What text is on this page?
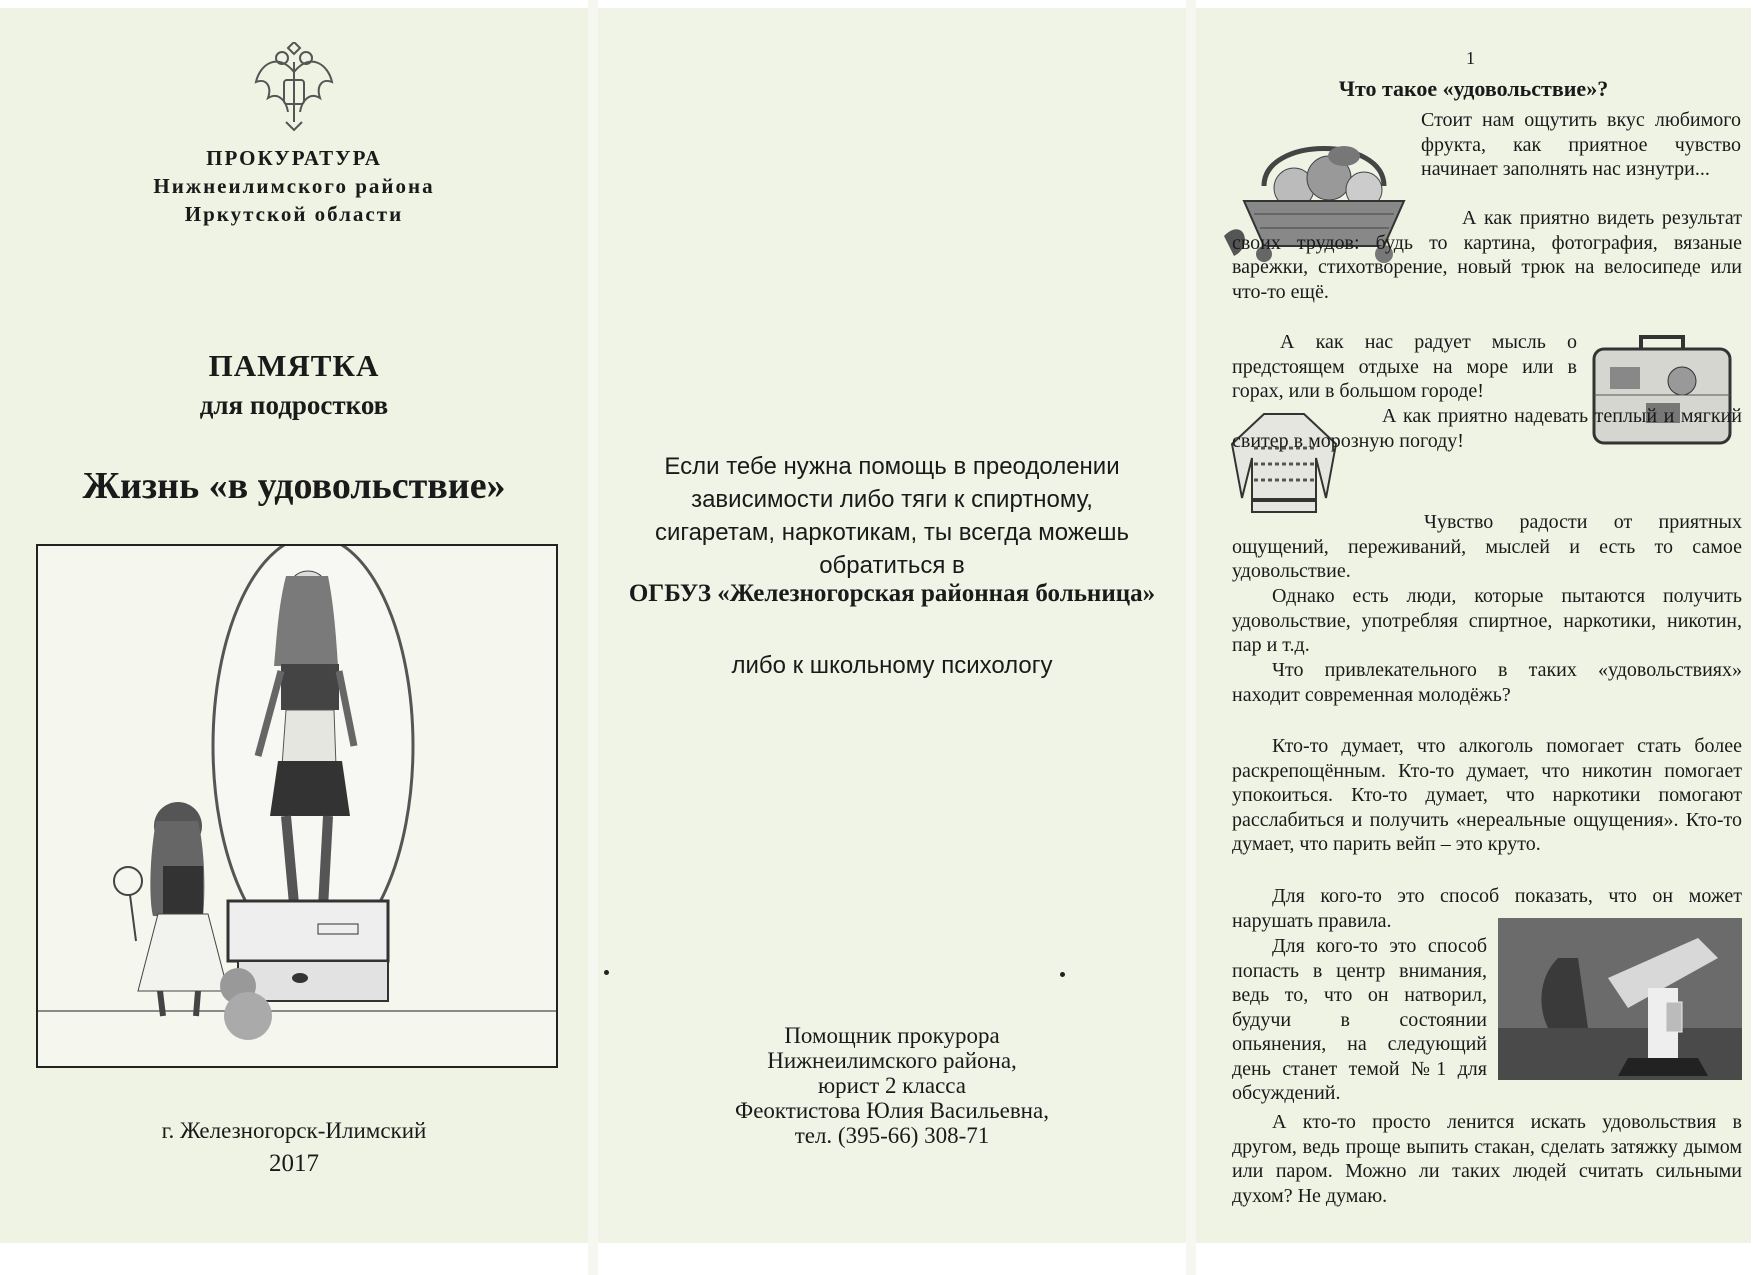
ПРОКУРАТУРА
Нижнеилимского района
Иркутской области
ПАМЯТКА
для подростков
Жизнь «в удовольствие»
г. Железногорск-Илимский
2017
Если тебе нужна помощь в преодолении зависимости либо тяги к спиртному, сигаретам, наркотикам, ты всегда можешь обратиться в
ОГБУЗ «Железногорская районная больница»
либо к школьному психологу
Помощник прокурора
Нижнеилимского района,
юрист 2 класса
Феоктистова Юлия Васильевна,
тел. (395-66) 308-71
1
Что такое «удовольствие»?
Стоит нам ощутить вкус любимого фрукта, как приятное чувство начинает заполнять нас изнутри...
А как приятно видеть результат своих трудов: будь то картина, фотография, вязаные варежки, стихотворение, новый трюк на велосипеде или что-то ещё.
А как нас радует мысль о предстоящем отдыхе на море или в горах, или в большом городе!
А как приятно надевать теплый и мягкий свитер в морозную погоду!
Чувство радости от приятных ощущений, переживаний, мыслей и есть то самое удовольствие.
Однако есть люди, которые пытаются получить удовольствие, употребляя спиртное, наркотики, никотин, пар и т.д.
Что привлекательного в таких «удовольствиях» находит современная молодёжь?
Кто-то думает, что алкоголь помогает стать более раскрепощённым. Кто-то думает, что никотин помогает упокоиться. Кто-то думает, что наркотики помогают расслабиться и получить «нереальные ощущения». Кто-то думает, что парить вейп – это круто.
Для кого-то это способ показать, что он может нарушать правила.
Для кого-то это способ попасть в центр внимания, ведь то, что он натворил, будучи в состоянии опьянения, на следующий день станет темой №1 для обсуждений.
А кто-то просто ленится искать удовольствия в другом, ведь проще выпить стакан, сделать затяжку дымом или паром. Можно ли таких людей считать сильными духом? Не думаю.
